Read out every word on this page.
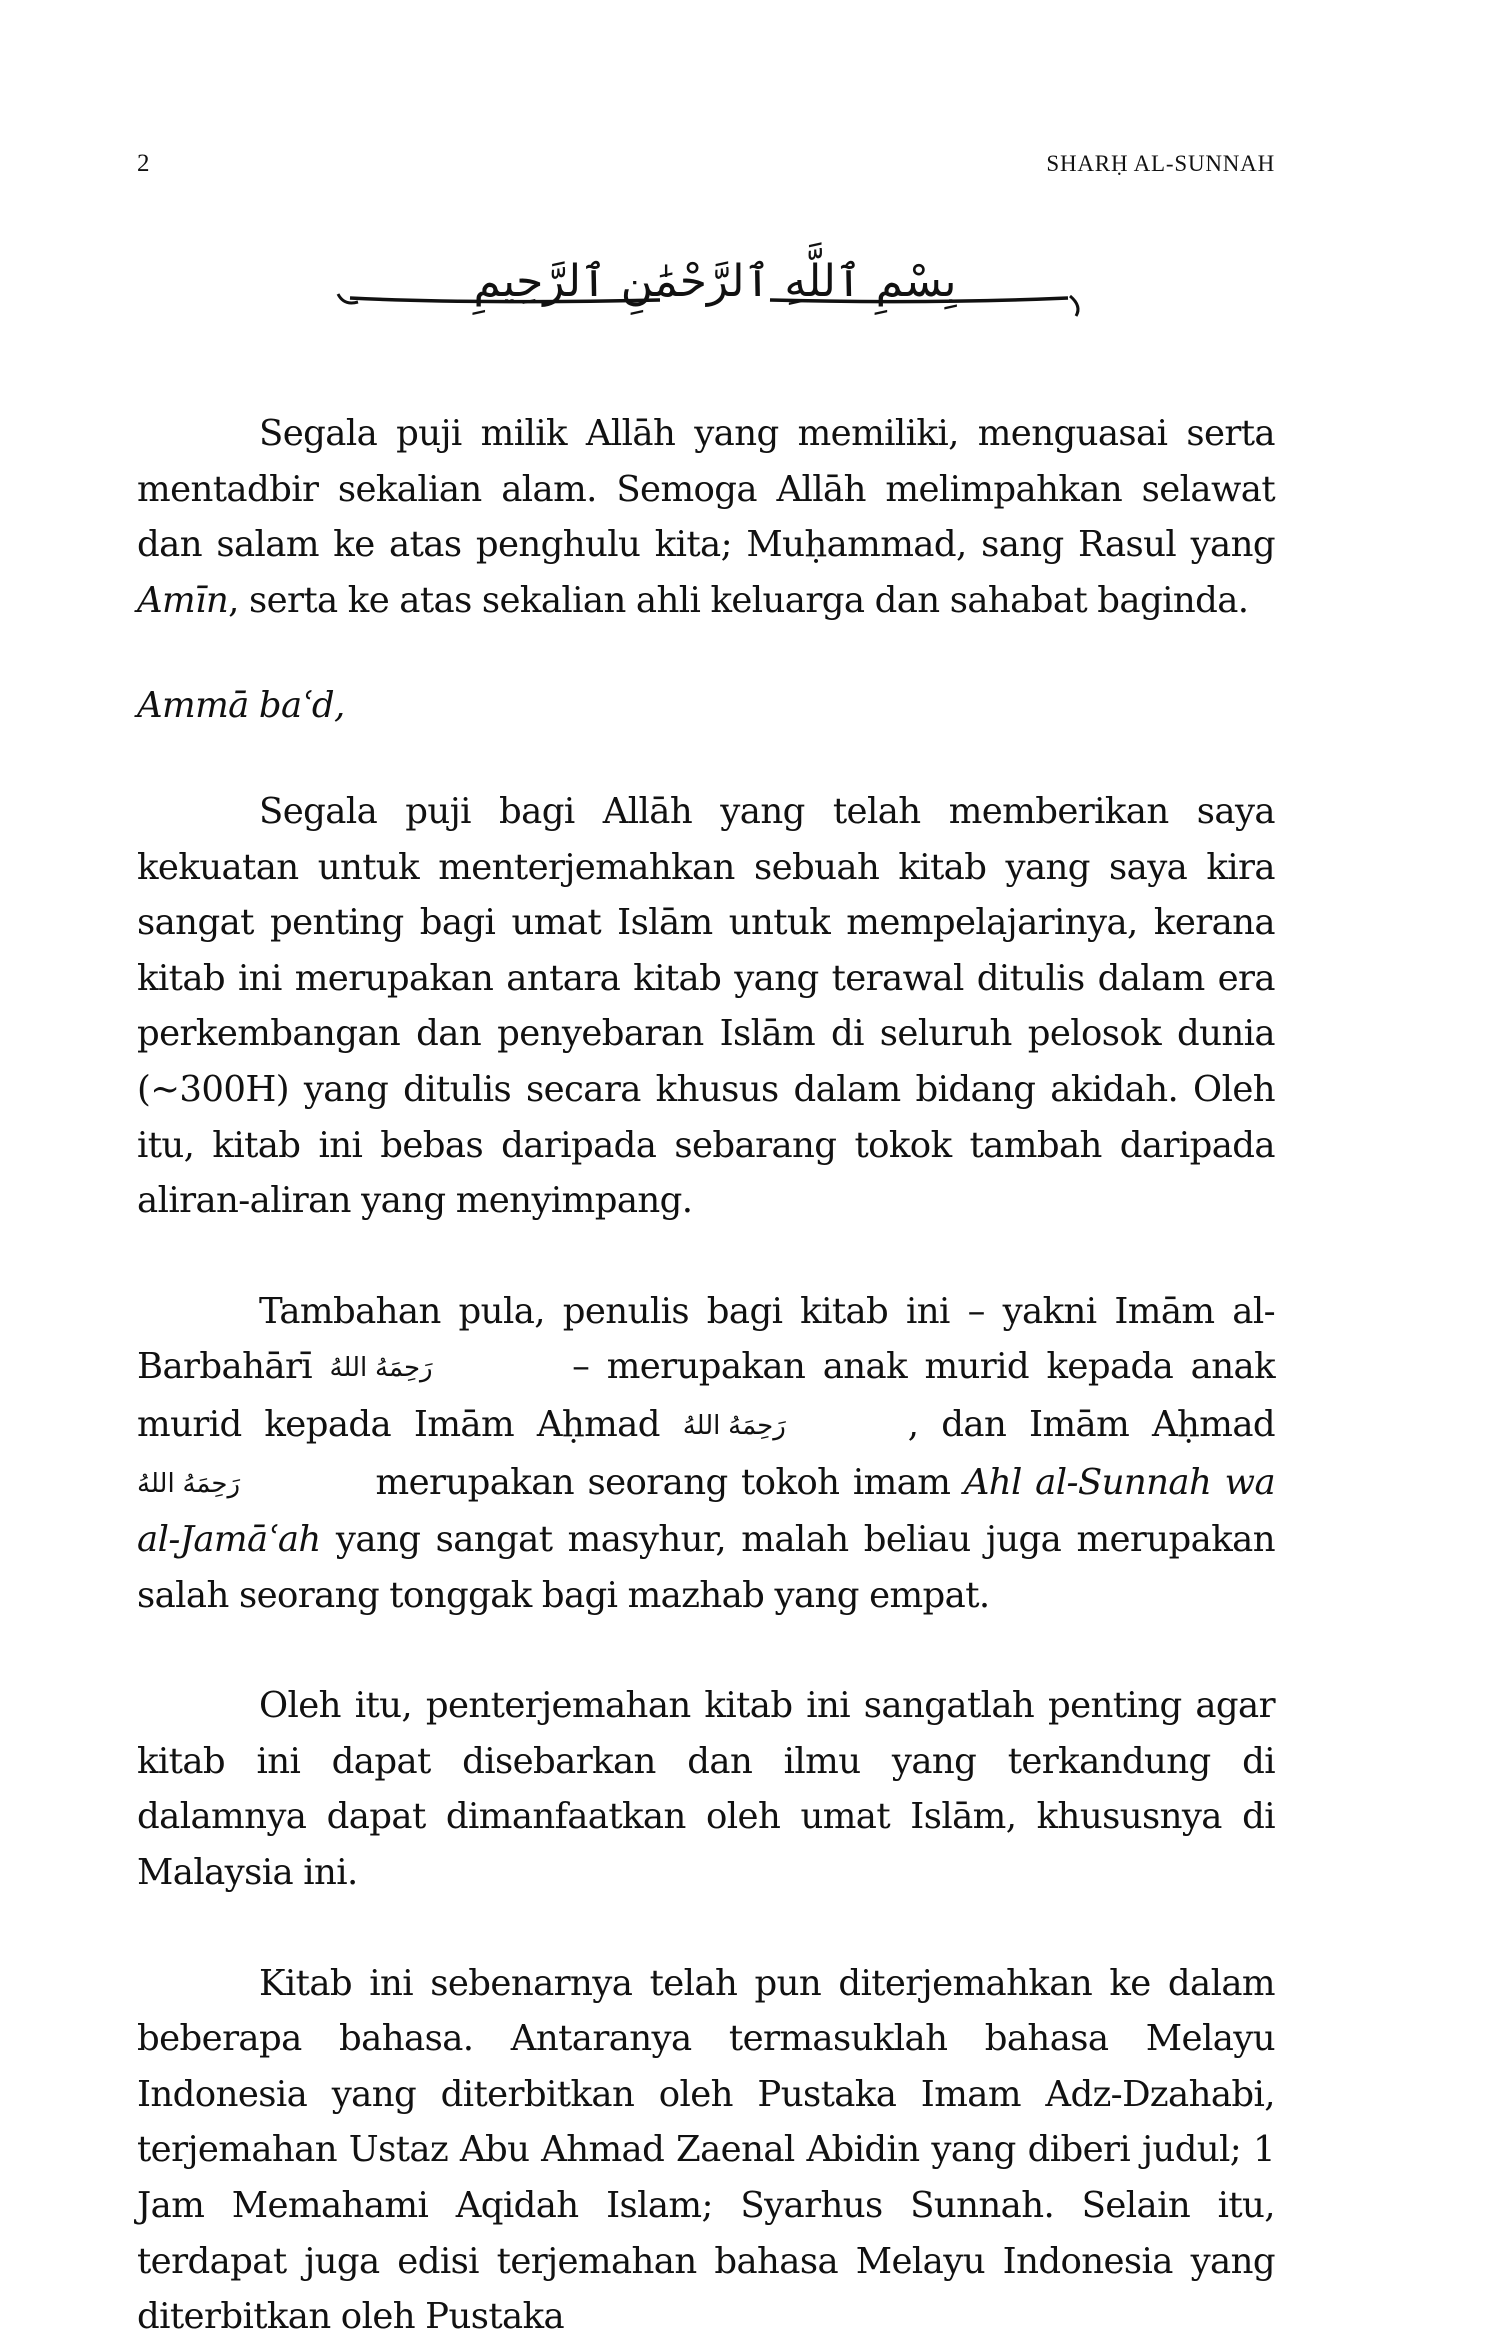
2	SHARḤ AL-SUNNAH
بِسْمِ ٱللَّهِ ٱلرَّحْمَٰنِ ٱلرَّحِيمِ

Segala puji milik Allāh yang memiliki, menguasai serta mentadbir sekalian alam. Semoga Allāh melimpahkan selawat dan salam ke atas penghulu kita; Muḥammad, sang Rasul yang Amīn, serta ke atas sekalian ahli keluarga dan sahabat baginda.

Ammā baʿd,

Segala puji bagi Allāh yang telah memberikan saya kekuatan untuk menterjemahkan sebuah kitab yang saya kira sangat penting bagi umat Islām untuk mempelajarinya, kerana kitab ini merupakan antara kitab yang terawal ditulis dalam era perkembangan dan penyebaran Islām di seluruh pelosok dunia (~300H) yang ditulis secara khusus dalam bidang akidah. Oleh itu, kitab ini bebas daripada sebarang tokok tambah daripada aliran-aliran yang menyimpang.

Tambahan pula, penulis bagi kitab ini – yakni Imām al-Barbahārī رَحِمَهُ اللهُ	– merupakan anak murid kepada anak murid kepada Imām Aḥmad رَحِمَهُ اللهُ	, dan Imām Aḥmad رَحِمَهُ اللهُ	merupakan seorang tokoh imam Ahl al-Sunnah wa al-Jamāʿah yang sangat masyhur, malah beliau juga merupakan salah seorang tonggak bagi mazhab yang empat.

Oleh itu, penterjemahan kitab ini sangatlah penting agar kitab ini dapat disebarkan dan ilmu yang terkandung di dalamnya dapat dimanfaatkan oleh umat Islām, khususnya di Malaysia ini.

Kitab ini sebenarnya telah pun diterjemahkan ke dalam beberapa bahasa. Antaranya termasuklah bahasa Melayu Indonesia yang diterbitkan oleh Pustaka Imam Adz-Dzahabi, terjemahan Ustaz Abu Ahmad Zaenal Abidin yang diberi judul; 1 Jam Memahami Aqidah Islam; Syarhus Sunnah. Selain itu, terdapat juga edisi terjemahan bahasa Melayu Indonesia yang diterbitkan oleh Pustaka
